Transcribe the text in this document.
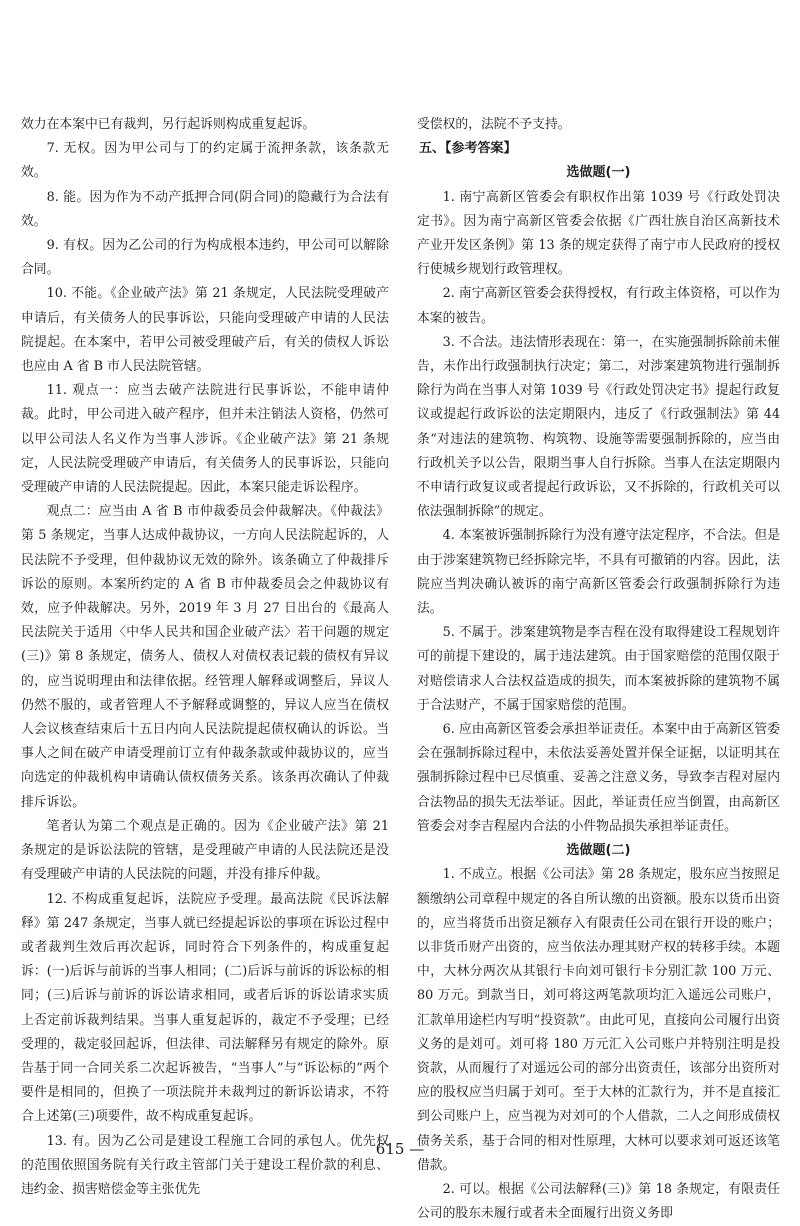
效力在本案中已有裁判，另行起诉则构成重复起诉。

7. 无权。因为甲公司与丁的约定属于流押条款，该条款无效。

8. 能。因为作为不动产抵押合同(阴合同)的隐藏行为合法有效。

9. 有权。因为乙公司的行为构成根本违约，甲公司可以解除合同。

10. 不能。《企业破产法》第 21 条规定，人民法院受理破产申请后，有关债务人的民事诉讼，只能向受理破产申请的人民法院提起。在本案中，若甲公司被受理破产后，有关的债权人诉讼也应由 A 省 B 市人民法院管辖。

11. 观点一：应当去破产法院进行民事诉讼，不能申请仲裁。此时，甲公司进入破产程序，但并未注销法人资格，仍然可以甲公司法人名义作为当事人涉诉。《企业破产法》第 21 条规定，人民法院受理破产申请后，有关债务人的民事诉讼，只能向受理破产申请的人民法院提起。因此，本案只能走诉讼程序。

观点二：应当由 A 省 B 市仲裁委员会仲裁解决。《仲裁法》第 5 条规定，当事人达成仲裁协议，一方向人民法院起诉的，人民法院不予受理，但仲裁协议无效的除外。该条确立了仲裁排斥诉讼的原则。本案所约定的 A 省 B 市仲裁委员会之仲裁协议有效，应予仲裁解决。另外，2019 年 3 月 27 日出台的《最高人民法院关于适用〈中华人民共和国企业破产法〉若干问题的规定(三)》第 8 条规定，债务人、债权人对债权表记载的债权有异议的，应当说明理由和法律依据。经管理人解释或调整后，异议人仍然不服的，或者管理人不予解释或调整的，异议人应当在债权人会议核查结束后十五日内向人民法院提起债权确认的诉讼。当事人之间在破产申请受理前订立有仲裁条款或仲裁协议的，应当向选定的仲裁机构申请确认债权债务关系。该条再次确认了仲裁排斥诉讼。

笔者认为第二个观点是正确的。因为《企业破产法》第 21 条规定的是诉讼法院的管辖，是受理破产申请的人民法院还是没有受理破产申请的人民法院的问题，并没有排斥仲裁。

12. 不构成重复起诉，法院应予受理。最高法院《民诉法解释》第 247 条规定，当事人就已经提起诉讼的事项在诉讼过程中或者裁判生效后再次起诉，同时符合下列条件的，构成重复起诉：(一)后诉与前诉的当事人相同；(二)后诉与前诉的诉讼标的相同；(三)后诉与前诉的诉讼请求相同，或者后诉的诉讼请求实质上否定前诉裁判结果。当事人重复起诉的，裁定不予受理；已经受理的，裁定驳回起诉，但法律、司法解释另有规定的除外。原告基于同一合同关系二次起诉被告，“当事人”与“诉讼标的”两个要件是相同的，但换了一项法院并未裁判过的新诉讼请求，不符合上述第(三)项要件，故不构成重复起诉。

13. 有。因为乙公司是建设工程施工合同的承包人。优先权的范围依照国务院有关行政主管部门关于建设工程价款的利息、违约金、损害赔偿金等主张优先

受偿权的，法院不予支持。

五、【参考答案】

选做题(一)

1. 南宁高新区管委会有职权作出第 1039 号《行政处罚决定书》。因为南宁高新区管委会依据《广西壮族自治区高新技术产业开发区条例》第 13 条的规定获得了南宁市人民政府的授权行使城乡规划行政管理权。

2. 南宁高新区管委会获得授权，有行政主体资格，可以作为本案的被告。

3. 不合法。违法情形表现在：第一，在实施强制拆除前未催告，未作出行政强制执行决定；第二，对涉案建筑物进行强制拆除行为尚在当事人对第 1039 号《行政处罚决定书》提起行政复议或提起行政诉讼的法定期限内，违反了《行政强制法》第 44 条“对违法的建筑物、构筑物、设施等需要强制拆除的，应当由行政机关予以公告，限期当事人自行拆除。当事人在法定期限内不申请行政复议或者提起行政诉讼，又不拆除的，行政机关可以依法强制拆除”的规定。

4. 本案被诉强制拆除行为没有遵守法定程序，不合法。但是由于涉案建筑物已经拆除完毕，不具有可撤销的内容。因此，法院应当判决确认被诉的南宁高新区管委会行政强制拆除行为违法。

5. 不属于。涉案建筑物是李吉程在没有取得建设工程规划许可的前提下建设的，属于违法建筑。由于国家赔偿的范围仅限于对赔偿请求人合法权益造成的损失，而本案被拆除的建筑物不属于合法财产，不属于国家赔偿的范围。

6. 应由高新区管委会承担举证责任。本案中由于高新区管委会在强制拆除过程中，未依法妥善处置并保全证据，以证明其在强制拆除过程中已尽慎重、妥善之注意义务，导致李吉程对屋内合法物品的损失无法举证。因此，举证责任应当倒置，由高新区管委会对李吉程屋内合法的小件物品损失承担举证责任。

选做题(二)

1. 不成立。根据《公司法》第 28 条规定，股东应当按照足额缴纳公司章程中规定的各自所认缴的出资额。股东以货币出资的，应当将货币出资足额存入有限责任公司在银行开设的账户；以非货币财产出资的，应当依法办理其财产权的转移手续。本题中，大林分两次从其银行卡向刘可银行卡分别汇款 100 万元、80 万元。到款当日，刘可将这两笔款项均汇入遥远公司账户，汇款单用途栏内写明“投资款”。由此可见，直接向公司履行出资义务的是刘可。刘可将 180 万元汇入公司账户并特别注明是投资款，从而履行了对遥远公司的部分出资责任，该部分出资所对应的股权应当归属于刘可。至于大林的汇款行为，并不是直接汇到公司账户上，应当视为对刘可的个人借款，二人之间形成债权债务关系，基于合同的相对性原理，大林可以要求刘可返还该笔借款。

2. 可以。根据《公司法解释(三)》第 18 条规定，有限责任公司的股东未履行或者未全面履行出资义务即

615 —
